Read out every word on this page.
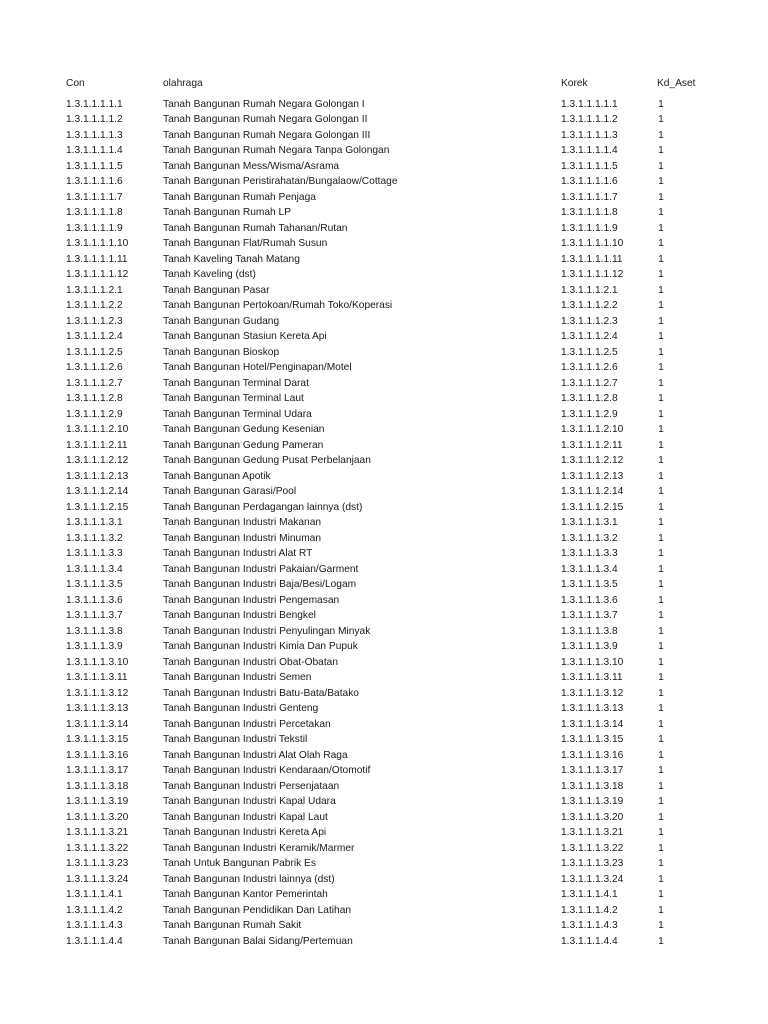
Con	olahraga	Korek	Kd_Aset
1.3.1.1.1.1.1	Tanah Bangunan Rumah Negara Golongan I	1.3.1.1.1.1.1	1
1.3.1.1.1.1.2	Tanah Bangunan Rumah Negara Golongan II	1.3.1.1.1.1.2	1
1.3.1.1.1.1.3	Tanah Bangunan Rumah Negara Golongan III	1.3.1.1.1.1.3	1
1.3.1.1.1.1.4	Tanah Bangunan Rumah Negara Tanpa Golongan	1.3.1.1.1.1.4	1
1.3.1.1.1.1.5	Tanah Bangunan Mess/Wisma/Asrama	1.3.1.1.1.1.5	1
1.3.1.1.1.1.6	Tanah Bangunan Peristirahatan/Bungalaow/Cottage	1.3.1.1.1.1.6	1
1.3.1.1.1.1.7	Tanah Bangunan Rumah Penjaga	1.3.1.1.1.1.7	1
1.3.1.1.1.1.8	Tanah Bangunan Rumah LP	1.3.1.1.1.1.8	1
1.3.1.1.1.1.9	Tanah Bangunan Rumah Tahanan/Rutan	1.3.1.1.1.1.9	1
1.3.1.1.1.1.10	Tanah Bangunan Flat/Rumah Susun	1.3.1.1.1.1.10	1
1.3.1.1.1.1.11	Tanah Kaveling Tanah Matang	1.3.1.1.1.1.11	1
1.3.1.1.1.1.12	Tanah Kaveling (dst)	1.3.1.1.1.1.12	1
1.3.1.1.1.2.1	Tanah Bangunan Pasar	1.3.1.1.1.2.1	1
1.3.1.1.1.2.2	Tanah Bangunan Pertokoan/Rumah Toko/Koperasi	1.3.1.1.1.2.2	1
1.3.1.1.1.2.3	Tanah Bangunan Gudang	1.3.1.1.1.2.3	1
1.3.1.1.1.2.4	Tanah Bangunan Stasiun Kereta Api	1.3.1.1.1.2.4	1
1.3.1.1.1.2.5	Tanah Bangunan Bioskop	1.3.1.1.1.2.5	1
1.3.1.1.1.2.6	Tanah Bangunan Hotel/Penginapan/Motel	1.3.1.1.1.2.6	1
1.3.1.1.1.2.7	Tanah Bangunan Terminal Darat	1.3.1.1.1.2.7	1
1.3.1.1.1.2.8	Tanah Bangunan Terminal Laut	1.3.1.1.1.2.8	1
1.3.1.1.1.2.9	Tanah Bangunan Terminal Udara	1.3.1.1.1.2.9	1
1.3.1.1.1.2.10	Tanah Bangunan Gedung Kesenian	1.3.1.1.1.2.10	1
1.3.1.1.1.2.11	Tanah Bangunan Gedung Pameran	1.3.1.1.1.2.11	1
1.3.1.1.1.2.12	Tanah Bangunan Gedung Pusat Perbelanjaan	1.3.1.1.1.2.12	1
1.3.1.1.1.2.13	Tanah Bangunan Apotik	1.3.1.1.1.2.13	1
1.3.1.1.1.2.14	Tanah Bangunan Garasi/Pool	1.3.1.1.1.2.14	1
1.3.1.1.1.2.15	Tanah Bangunan Perdagangan lainnya (dst)	1.3.1.1.1.2.15	1
1.3.1.1.1.3.1	Tanah Bangunan Industri Makanan	1.3.1.1.1.3.1	1
1.3.1.1.1.3.2	Tanah Bangunan Industri Minuman	1.3.1.1.1.3.2	1
1.3.1.1.1.3.3	Tanah Bangunan Industri Alat RT	1.3.1.1.1.3.3	1
1.3.1.1.1.3.4	Tanah Bangunan Industri Pakaian/Garment	1.3.1.1.1.3.4	1
1.3.1.1.1.3.5	Tanah Bangunan Industri Baja/Besi/Logam	1.3.1.1.1.3.5	1
1.3.1.1.1.3.6	Tanah Bangunan Industri Pengemasan	1.3.1.1.1.3.6	1
1.3.1.1.1.3.7	Tanah Bangunan Industri Bengkel	1.3.1.1.1.3.7	1
1.3.1.1.1.3.8	Tanah Bangunan Industri Penyulingan Minyak	1.3.1.1.1.3.8	1
1.3.1.1.1.3.9	Tanah Bangunan Industri Kimia Dan Pupuk	1.3.1.1.1.3.9	1
1.3.1.1.1.3.10	Tanah Bangunan Industri Obat-Obatan	1.3.1.1.1.3.10	1
1.3.1.1.1.3.11	Tanah Bangunan Industri Semen	1.3.1.1.1.3.11	1
1.3.1.1.1.3.12	Tanah Bangunan Industri Batu-Bata/Batako	1.3.1.1.1.3.12	1
1.3.1.1.1.3.13	Tanah Bangunan Industri Genteng	1.3.1.1.1.3.13	1
1.3.1.1.1.3.14	Tanah Bangunan Industri Percetakan	1.3.1.1.1.3.14	1
1.3.1.1.1.3.15	Tanah Bangunan Industri Tekstil	1.3.1.1.1.3.15	1
1.3.1.1.1.3.16	Tanah Bangunan Industri Alat Olah Raga	1.3.1.1.1.3.16	1
1.3.1.1.1.3.17	Tanah Bangunan Industri Kendaraan/Otomotif	1.3.1.1.1.3.17	1
1.3.1.1.1.3.18	Tanah Bangunan Industri Persenjataan	1.3.1.1.1.3.18	1
1.3.1.1.1.3.19	Tanah Bangunan Industri Kapal Udara	1.3.1.1.1.3.19	1
1.3.1.1.1.3.20	Tanah Bangunan Industri Kapal Laut	1.3.1.1.1.3.20	1
1.3.1.1.1.3.21	Tanah Bangunan Industri Kereta Api	1.3.1.1.1.3.21	1
1.3.1.1.1.3.22	Tanah Bangunan Industri Keramik/Marmer	1.3.1.1.1.3.22	1
1.3.1.1.1.3.23	Tanah Untuk Bangunan Pabrik Es	1.3.1.1.1.3.23	1
1.3.1.1.1.3.24	Tanah Bangunan Industri lainnya (dst)	1.3.1.1.1.3.24	1
1.3.1.1.1.4.1	Tanah Bangunan Kantor Pemerintah	1.3.1.1.1.4.1	1
1.3.1.1.1.4.2	Tanah Bangunan Pendidikan Dan Latihan	1.3.1.1.1.4.2	1
1.3.1.1.1.4.3	Tanah Bangunan Rumah Sakit	1.3.1.1.1.4.3	1
1.3.1.1.1.4.4	Tanah Bangunan Balai Sidang/Pertemuan	1.3.1.1.1.4.4	1
